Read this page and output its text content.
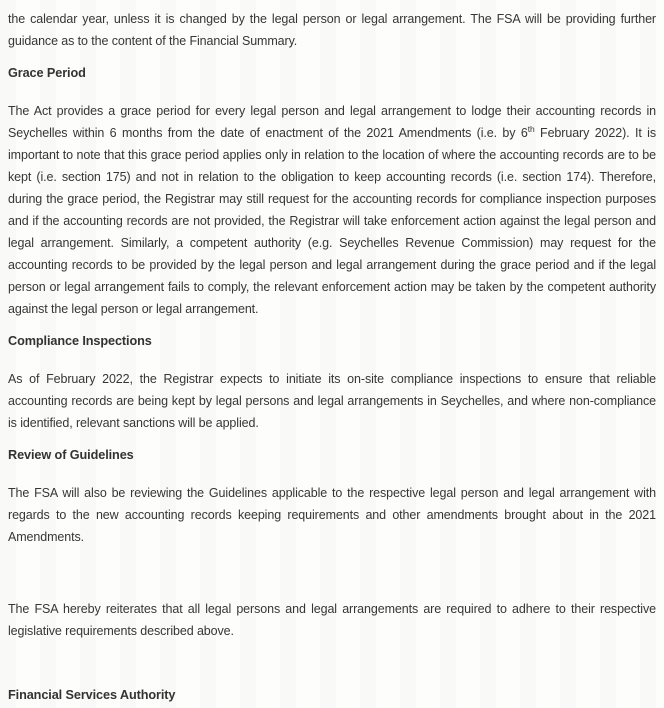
the calendar year, unless it is changed by the legal person or legal arrangement. The FSA will be providing further guidance as to the content of the Financial Summary.

Grace Period

The Act provides a grace period for every legal person and legal arrangement to lodge their accounting records in Seychelles within 6 months from the date of enactment of the 2021 Amendments (i.e. by 6th February 2022). It is important to note that this grace period applies only in relation to the location of where the accounting records are to be kept (i.e. section 175) and not in relation to the obligation to keep accounting records (i.e. section 174). Therefore, during the grace period, the Registrar may still request for the accounting records for compliance inspection purposes and if the accounting records are not provided, the Registrar will take enforcement action against the legal person and legal arrangement. Similarly, a competent authority (e.g. Seychelles Revenue Commission) may request for the accounting records to be provided by the legal person and legal arrangement during the grace period and if the legal person or legal arrangement fails to comply, the relevant enforcement action may be taken by the competent authority against the legal person or legal arrangement.

Compliance Inspections

As of February 2022, the Registrar expects to initiate its on-site compliance inspections to ensure that reliable accounting records are being kept by legal persons and legal arrangements in Seychelles, and where non-compliance is identified, relevant sanctions will be applied.

Review of Guidelines

The FSA will also be reviewing the Guidelines applicable to the respective legal person and legal arrangement with regards to the new accounting records keeping requirements and other amendments brought about in the 2021 Amendments.

The FSA hereby reiterates that all legal persons and legal arrangements are required to adhere to their respective legislative requirements described above.

Financial Services Authority
